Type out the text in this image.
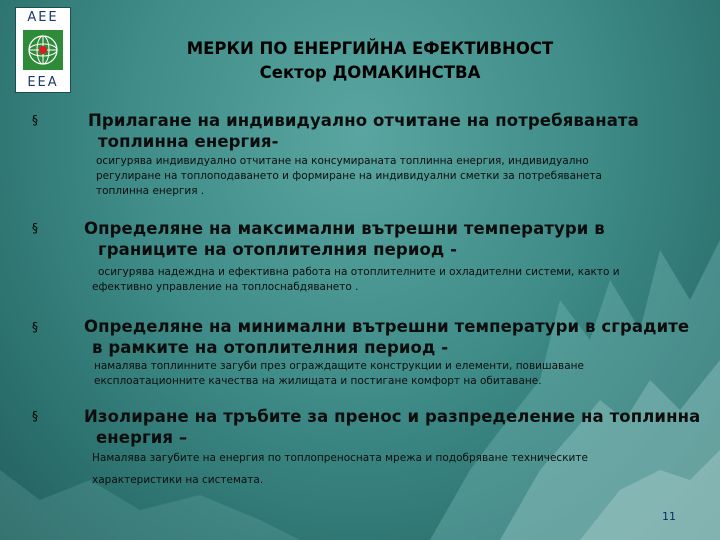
AEE
EEA
МЕРКИ ПО ЕНЕРГИЙНА ЕФЕКТИВНОСТ
Сектор ДОМАКИНСТВА
§	Прилагане на индивидуално отчитане на потребяваната
топлинна енергия-
осигурява индивидуално отчитане на консумираната топлинна енергия, индивидуално
регулиране на топлоподаването и формиране на индивидуални сметки за потребяванета
топлинна енергия .
§	Определяне на максимални вътрешни температури в
границите на отоплителния период -
осигурява надеждна и ефективна работа на отоплителните и охладителни системи, както и
ефективно управление на топлоснабдяването .
§	Определяне на минимални вътрешни температури в сградите
в рамките на отоплителния период -
намалява топлинните загуби през ограждащите конструкции и елементи, повишаване
експлоатационните качества на жилищата и постигане комфорт на обитаване.
§	Изолиране на тръбите за пренос и разпределение на топлинна
енергия –
Намалява загубите на енергия по топлопреносната мрежа и подобряване техническите
характеристики на системата.
11
